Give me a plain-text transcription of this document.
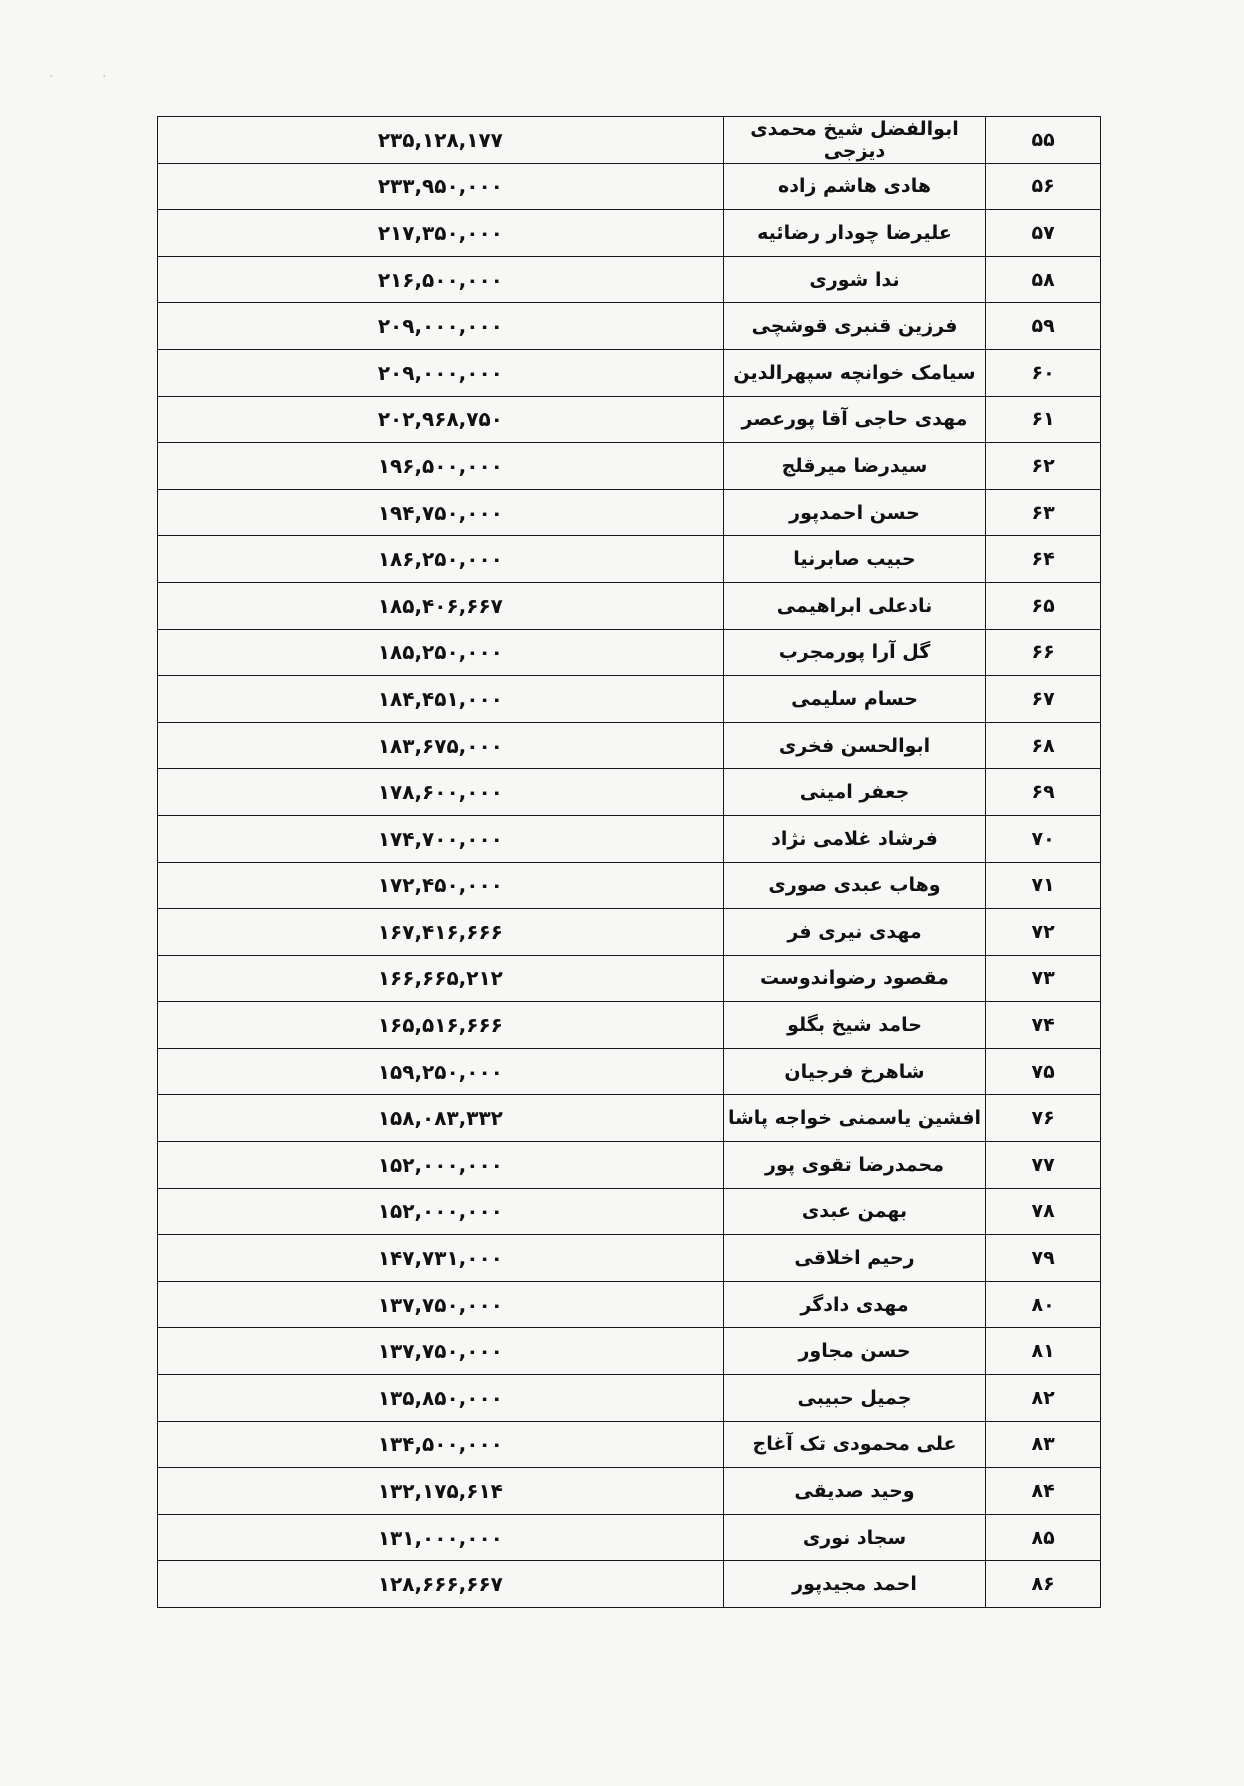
'	'
۵۵	ابوالفضل شیخ محمدی دیزجی	۲۳۵,۱۲۸,۱۷۷
۵۶	هادی هاشم زاده	۲۳۳,۹۵۰,۰۰۰
۵۷	علیرضا چودار رضائیه	۲۱۷,۳۵۰,۰۰۰
۵۸	ندا شوری	۲۱۶,۵۰۰,۰۰۰
۵۹	فرزین قنبری قوشچی	۲۰۹,۰۰۰,۰۰۰
۶۰	سیامک خوانچه سپهرالدین	۲۰۹,۰۰۰,۰۰۰
۶۱	مهدی حاجی آقا پورعصر	۲۰۲,۹۶۸,۷۵۰
۶۲	سیدرضا میرقلج	۱۹۶,۵۰۰,۰۰۰
۶۳	حسن احمدپور	۱۹۴,۷۵۰,۰۰۰
۶۴	حبیب صابرنیا	۱۸۶,۲۵۰,۰۰۰
۶۵	نادعلی ابراهیمی	۱۸۵,۴۰۶,۶۶۷
۶۶	گل آرا پورمجرب	۱۸۵,۲۵۰,۰۰۰
۶۷	حسام سلیمی	۱۸۴,۴۵۱,۰۰۰
۶۸	ابوالحسن فخری	۱۸۳,۶۷۵,۰۰۰
۶۹	جعفر امینی	۱۷۸,۶۰۰,۰۰۰
۷۰	فرشاد غلامی نژاد	۱۷۴,۷۰۰,۰۰۰
۷۱	وهاب عبدی صوری	۱۷۲,۴۵۰,۰۰۰
۷۲	مهدی نیری فر	۱۶۷,۴۱۶,۶۶۶
۷۳	مقصود رضواندوست	۱۶۶,۶۶۵,۲۱۲
۷۴	حامد شیخ بگلو	۱۶۵,۵۱۶,۶۶۶
۷۵	شاهرخ فرجیان	۱۵۹,۲۵۰,۰۰۰
۷۶	افشین یاسمنی خواجه پاشا	۱۵۸,۰۸۳,۳۳۲
۷۷	محمدرضا تقوی پور	۱۵۲,۰۰۰,۰۰۰
۷۸	بهمن عبدی	۱۵۲,۰۰۰,۰۰۰
۷۹	رحیم اخلاقی	۱۴۷,۷۳۱,۰۰۰
۸۰	مهدی دادگر	۱۳۷,۷۵۰,۰۰۰
۸۱	حسن مجاور	۱۳۷,۷۵۰,۰۰۰
۸۲	جمیل حبیبی	۱۳۵,۸۵۰,۰۰۰
۸۳	علی محمودی تک آغاج	۱۳۴,۵۰۰,۰۰۰
۸۴	وحید صدیقی	۱۳۲,۱۷۵,۶۱۴
۸۵	سجاد نوری	۱۳۱,۰۰۰,۰۰۰
۸۶	احمد مجیدپور	۱۲۸,۶۶۶,۶۶۷
